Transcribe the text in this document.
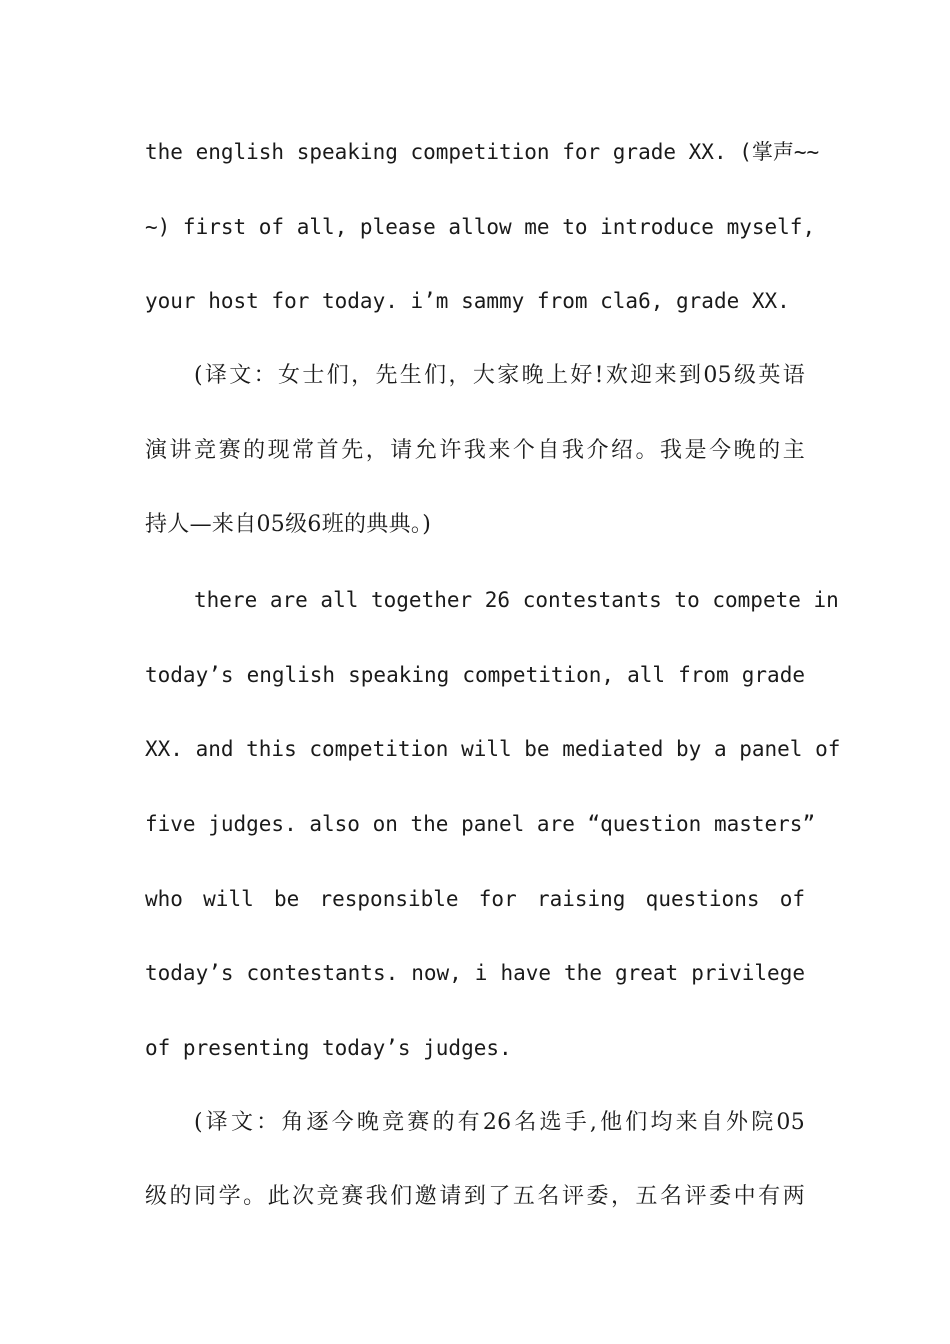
the english speaking competition for grade XX. (掌声~~
~) first of all, please allow me to introduce myself,
your host for today. i’m sammy from cla6, grade XX.
(译文：女士们，先生们，大家晚上好!欢迎来到05级英语
演讲竞赛的现常首先，请允许我来个自我介绍。我是今晚的主
持人—来自05级6班的典典。)
there are all together 26 contestants to compete in
today’s english speaking competition, all from grade
XX. and this competition will be mediated by a panel of
five judges. also on the panel are “question masters”
who will be responsible for raising questions of
today’s contestants. now, i have the great privilege
of presenting today’s judges.
(译文：角逐今晚竞赛的有26名选手,他们均来自外院05
级的同学。此次竞赛我们邀请到了五名评委，五名评委中有两
